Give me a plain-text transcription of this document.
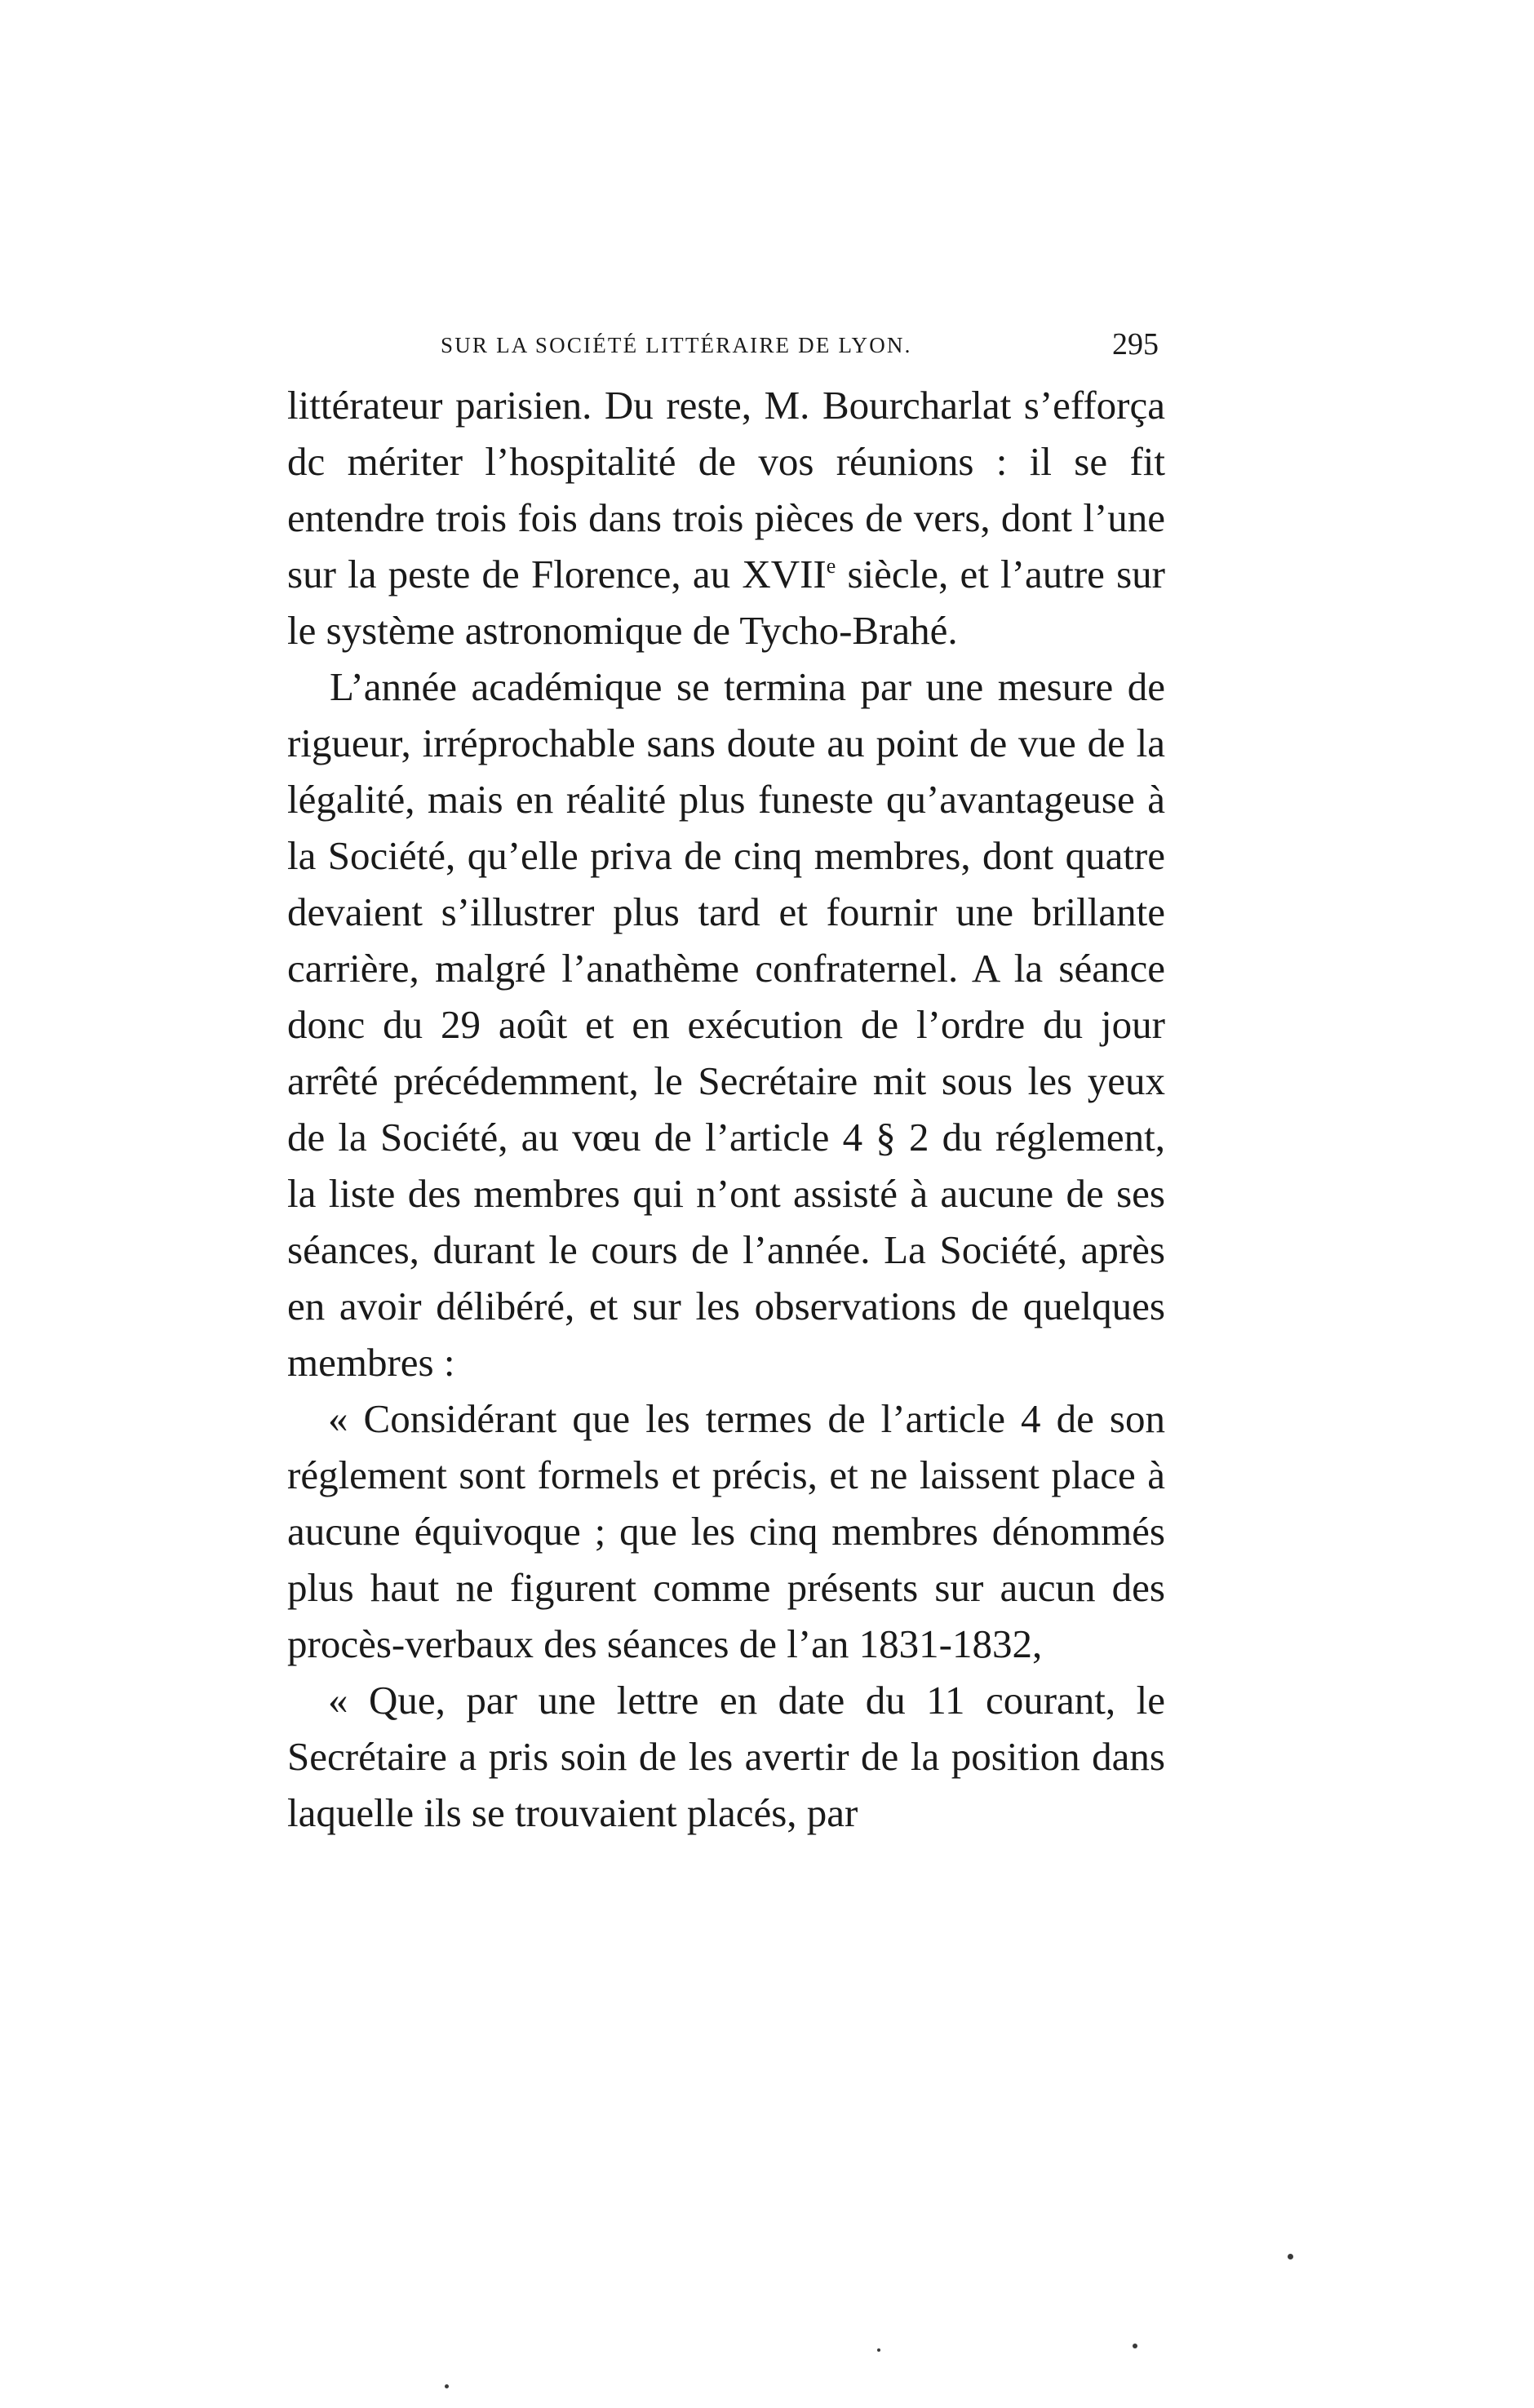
SUR LA SOCIÉTÉ LITTÉRAIRE DE LYON.	295

littérateur parisien. Du reste, M. Bourcharlat s’efforça dc mériter l’hospitalité de vos réunions : il se fit entendre trois fois dans trois pièces de vers, dont l’une sur la peste de Florence, au XVIIe siècle, et l’autre sur le système astronomique de Tycho-Brahé.

L’année académique se termina par une mesure de rigueur, irréprochable sans doute au point de vue de la légalité, mais en réalité plus funeste qu’avantageuse à la Société, qu’elle priva de cinq membres, dont quatre devaient s’illustrer plus tard et fournir une brillante carrière, malgré l’anathème confraternel. A la séance donc du 29 août et en exécution de l’ordre du jour arrêté précédemment, le Secrétaire mit sous les yeux de la Société, au vœu de l’article 4 § 2 du réglement, la liste des membres qui n’ont assisté à aucune de ses séances, durant le cours de l’année. La Société, après en avoir délibéré, et sur les observations de quelques membres :

« Considérant que les termes de l’article 4 de son réglement sont formels et précis, et ne laissent place à aucune équivoque ; que les cinq membres dénommés plus haut ne figurent comme présents sur aucun des procès-verbaux des séances de l’an 1831-1832,

« Que, par une lettre en date du 11 courant, le Secrétaire a pris soin de les avertir de la position dans laquelle ils se trouvaient placés, par
